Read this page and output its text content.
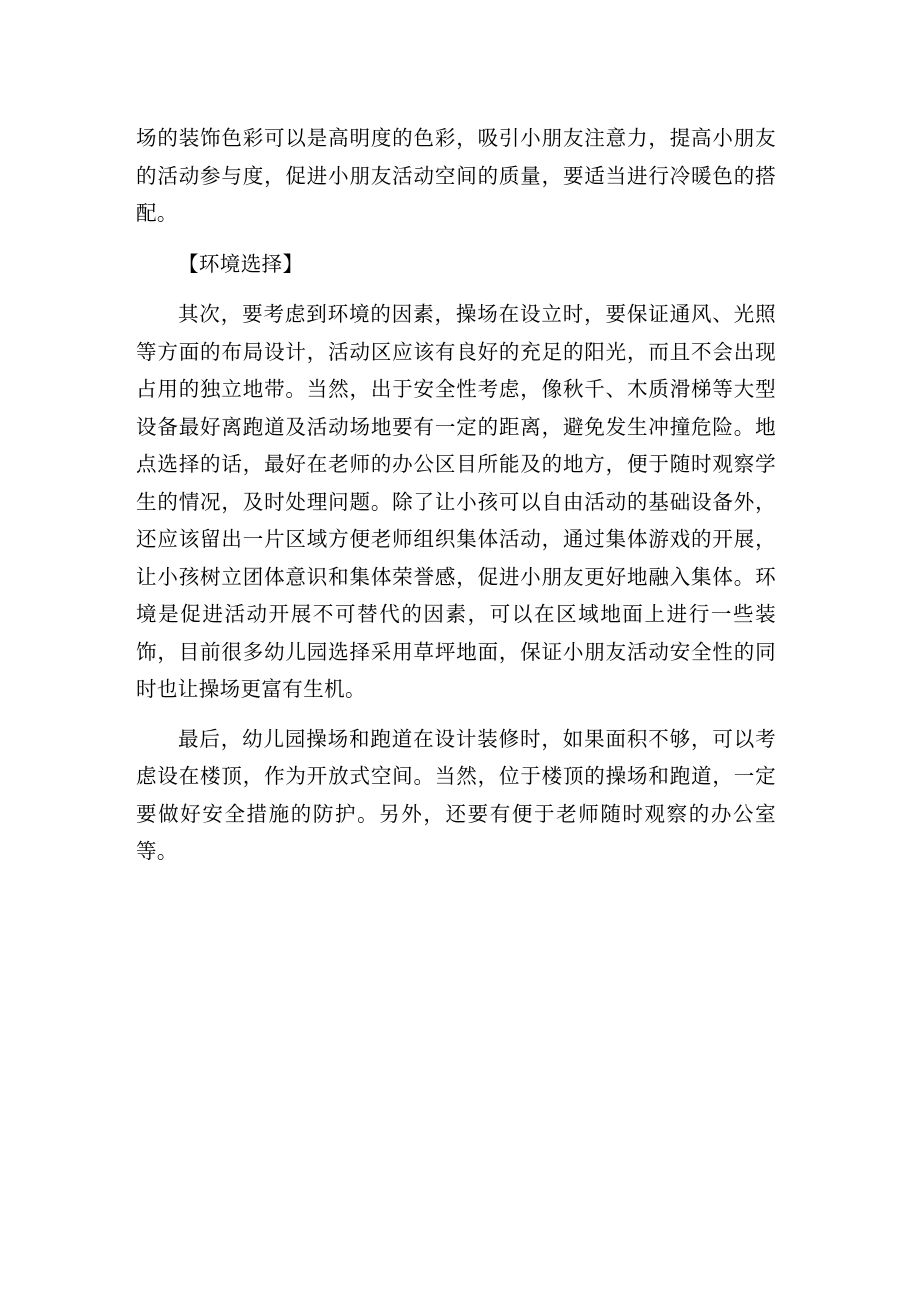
场的装饰色彩可以是高明度的色彩，吸引小朋友注意力，提高小朋友的活动参与度，促进小朋友活动空间的质量，要适当进行冷暖色的搭配。

【环境选择】

其次，要考虑到环境的因素，操场在设立时，要保证通风、光照等方面的布局设计，活动区应该有良好的充足的阳光，而且不会出现占用的独立地带。当然，出于安全性考虑，像秋千、木质滑梯等大型设备最好离跑道及活动场地要有一定的距离，避免发生冲撞危险。地点选择的话，最好在老师的办公区目所能及的地方，便于随时观察学生的情况，及时处理问题。除了让小孩可以自由活动的基础设备外，还应该留出一片区域方便老师组织集体活动，通过集体游戏的开展，让小孩树立团体意识和集体荣誉感，促进小朋友更好地融入集体。环境是促进活动开展不可替代的因素，可以在区域地面上进行一些装饰，目前很多幼儿园选择采用草坪地面，保证小朋友活动安全性的同时也让操场更富有生机。

最后，幼儿园操场和跑道在设计装修时，如果面积不够，可以考虑设在楼顶，作为开放式空间。当然，位于楼顶的操场和跑道，一定要做好安全措施的防护。另外，还要有便于老师随时观察的办公室等。
